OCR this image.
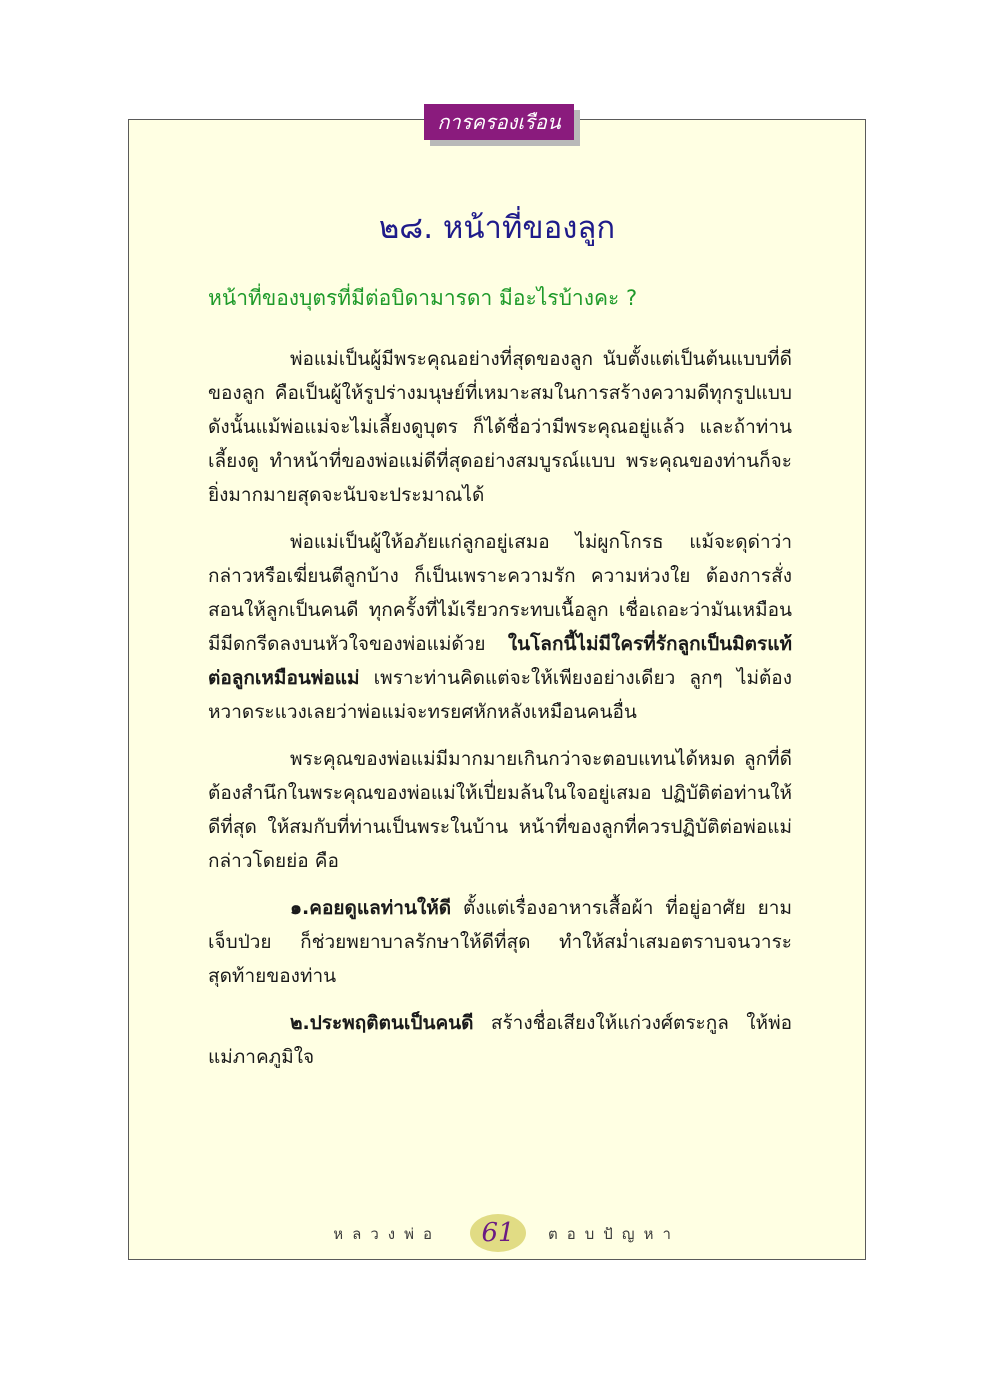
การครองเรือน
๒๘. หน้าที่ของลูก
หน้าที่ของบุตรที่มีต่อบิดามารดา มีอะไรบ้างคะ ?

พ่อแม่เป็นผู้มีพระคุณอย่างที่สุดของลูก นับตั้งแต่เป็นต้นแบบที่ดีของลูก คือเป็นผู้ให้รูปร่างมนุษย์ที่เหมาะสมในการสร้างความดีทุกรูปแบบ ดังนั้นแม้พ่อแม่จะไม่เลี้ยงดูบุตร ก็ได้ชื่อว่ามีพระคุณอยู่แล้ว และถ้าท่านเลี้ยงดู ทำหน้าที่ของพ่อแม่ดีที่สุดอย่างสมบูรณ์แบบ พระคุณของท่านก็จะยิ่งมากมายสุดจะนับจะประมาณได้

พ่อแม่เป็นผู้ให้อภัยแก่ลูกอยู่เสมอ ไม่ผูกโกรธ แม้จะดุด่าว่ากล่าวหรือเฆี่ยนตีลูกบ้าง ก็เป็นเพราะความรัก ความห่วงใย ต้องการสั่งสอนให้ลูกเป็นคนดี ทุกครั้งที่ไม้เรียวกระทบเนื้อลูก เชื่อเถอะว่ามันเหมือนมีมีดกรีดลงบนหัวใจของพ่อแม่ด้วย ในโลกนี้ไม่มีใครที่รักลูกเป็นมิตรแท้ต่อลูกเหมือนพ่อแม่ เพราะท่านคิดแต่จะให้เพียงอย่างเดียว ลูกๆ ไม่ต้องหวาดระแวงเลยว่าพ่อแม่จะทรยศหักหลังเหมือนคนอื่น

พระคุณของพ่อแม่มีมากมายเกินกว่าจะตอบแทนได้หมด ลูกที่ดีต้องสำนึกในพระคุณของพ่อแม่ให้เปี่ยมล้นในใจอยู่เสมอ ปฏิบัติต่อท่านให้ดีที่สุด ให้สมกับที่ท่านเป็นพระในบ้าน หน้าที่ของลูกที่ควรปฏิบัติต่อพ่อแม่ กล่าวโดยย่อ คือ

๑.คอยดูแลท่านให้ดี ตั้งแต่เรื่องอาหารเสื้อผ้า ที่อยู่อาศัย ยามเจ็บป่วย ก็ช่วยพยาบาลรักษาให้ดีที่สุด ทำให้สม่ำเสมอตราบจนวาระสุดท้ายของท่าน

๒.ประพฤติตนเป็นคนดี สร้างชื่อเสียงให้แก่วงศ์ตระกูล ให้พ่อแม่ภาคภูมิใจ

หลวงพ่อ	61	ตอบปัญหา
